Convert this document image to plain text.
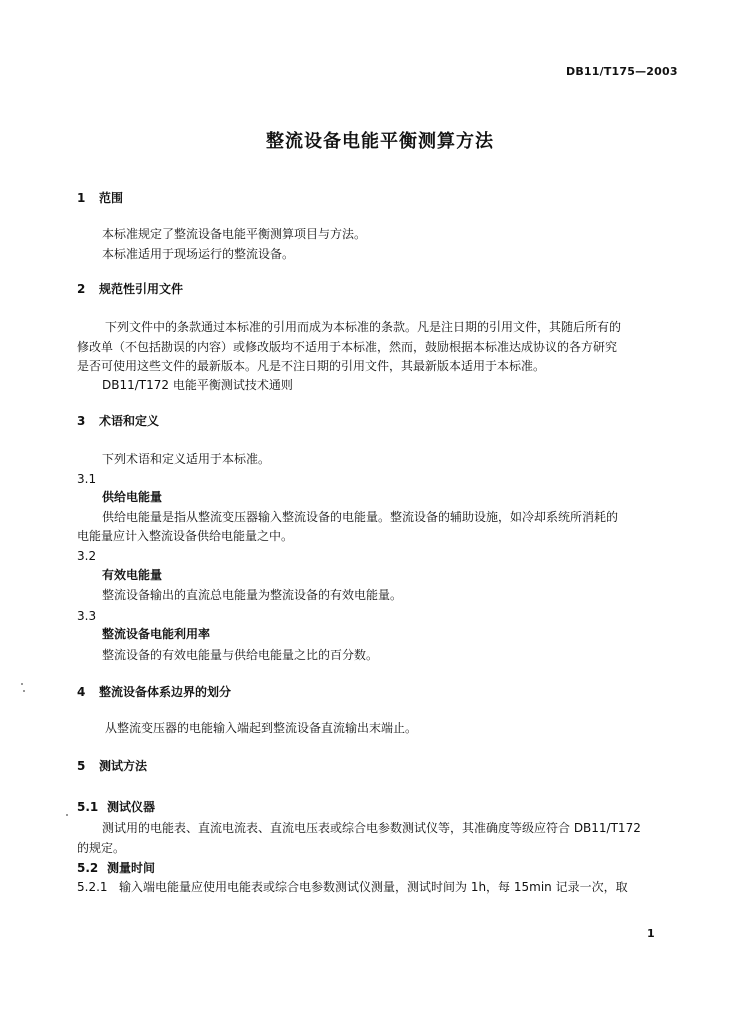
DB11/T175—2003
整流设备电能平衡测算方法
1 范围

本标准规定了整流设备电能平衡测算项目与方法。

本标准适用于现场运行的整流设备。

2 规范性引用文件

下列文件中的条款通过本标准的引用而成为本标准的条款。凡是注日期的引用文件，其随后所有的

修改单（不包括勘误的内容）或修改版均不适用于本标准，然而，鼓励根据本标准达成协议的各方研究

是否可使用这些文件的最新版本。凡是不注日期的引用文件，其最新版本适用于本标准。

DB11/T172 电能平衡测试技术通则

3 术语和定义

下列术语和定义适用于本标准。

3.1
供给电能量

供给电能量是指从整流变压器输入整流设备的电能量。整流设备的辅助设施，如冷却系统所消耗的

电能量应计入整流设备供给电能量之中。

3.2
有效电能量

整流设备输出的直流总电能量为整流设备的有效电能量。

3.3
整流设备电能利用率

整流设备的有效电能量与供给电能量之比的百分数。

4 整流设备体系边界的划分

从整流变压器的电能输入端起到整流设备直流输出末端止。

5 测试方法
5.1 测试仪器

测试用的电能表、直流电流表、直流电压表或综合电参数测试仪等，其准确度等级应符合 DB11/T172

的规定。

5.2 测量时间
5.2.1 输入端电能量应使用电能表或综合电参数测试仪测量，测试时间为 1h，每 15min 记录一次，取
1
